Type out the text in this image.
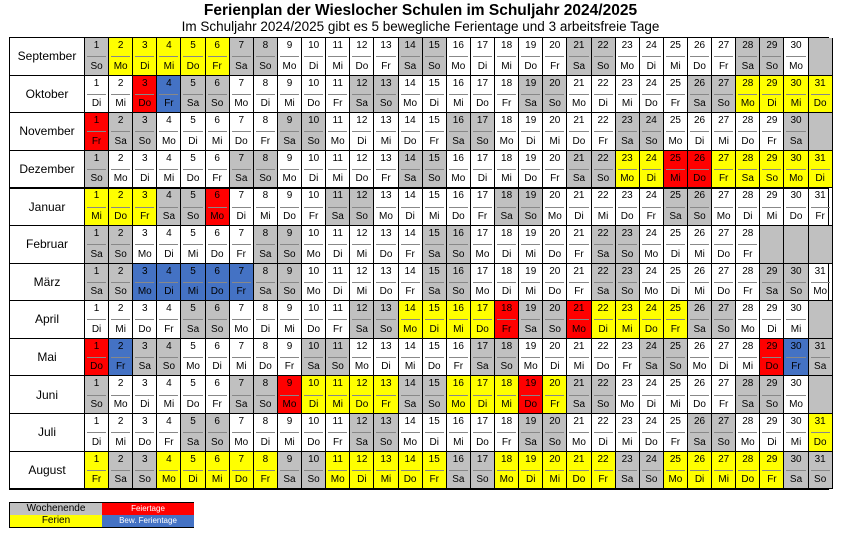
Ferienplan der Wieslocher Schulen im Schuljahr 2024/2025
Im Schuljahr 2024/2025 gibt es 5 bewegliche Ferientage und 3 arbeitsfreie Tage
September
1
So
2
Mo
3
Di
4
Mi
5
Do
6
Fr
7
Sa
8
So
9
Mo
10
Di
11
Mi
12
Do
13
Fr
14
Sa
15
So
16
Mo
17
Di
18
Mi
19
Do
20
Fr
21
Sa
22
So
23
Mo
24
Di
25
Mi
26
Do
27
Fr
28
Sa
29
So
30
Mo
Oktober
1
Di
2
Mi
3
Do
4
Fr
5
Sa
6
So
7
Mo
8
Di
9
Mi
10
Do
11
Fr
12
Sa
13
So
14
Mo
15
Di
16
Mi
17
Do
18
Fr
19
Sa
20
So
21
Mo
22
Di
23
Mi
24
Do
25
Fr
26
Sa
27
So
28
Mo
29
Di
30
Mi
31
Do
November
1
Fr
2
Sa
3
So
4
Mo
5
Di
6
Mi
7
Do
8
Fr
9
Sa
10
So
11
Mo
12
Di
13
Mi
14
Do
15
Fr
16
Sa
17
So
18
Mo
19
Di
20
Mi
21
Do
22
Fr
23
Sa
24
So
25
Mo
26
Di
27
Mi
28
Do
29
Fr
30
Sa
Dezember
1
So
2
Mo
3
Di
4
Mi
5
Do
6
Fr
7
Sa
8
So
9
Mo
10
Di
11
Mi
12
Do
13
Fr
14
Sa
15
So
16
Mo
17
Di
18
Mi
19
Do
20
Fr
21
Sa
22
So
23
Mo
24
Di
25
Mi
26
Do
27
Fr
28
Sa
29
So
30
Mo
31
Di
Januar
1
Mi
2
Do
3
Fr
4
Sa
5
So
6
Mo
7
Di
8
Mi
9
Do
10
Fr
11
Sa
12
So
13
Mo
14
Di
15
Mi
16
Do
17
Fr
18
Sa
19
So
20
Mo
21
Di
22
Mi
23
Do
24
Fr
25
Sa
26
So
27
Mo
28
Di
29
Mi
30
Do
31
Fr
Februar
1
Sa
2
So
3
Mo
4
Di
5
Mi
6
Do
7
Fr
8
Sa
9
So
10
Mo
11
Di
12
Mi
13
Do
14
Fr
15
Sa
16
So
17
Mo
18
Di
19
Mi
20
Do
21
Fr
22
Sa
23
So
24
Mo
25
Di
26
Mi
27
Do
28
Fr
März
1
Sa
2
So
3
Mo
4
Di
5
Mi
6
Do
7
Fr
8
Sa
9
So
10
Mo
11
Di
12
Mi
13
Do
14
Fr
15
Sa
16
So
17
Mo
18
Di
19
Mi
20
Do
21
Fr
22
Sa
23
So
24
Mo
25
Di
26
Mi
27
Do
28
Fr
29
Sa
30
So
31
Mo
April
1
Di
2
Mi
3
Do
4
Fr
5
Sa
6
So
7
Mo
8
Di
9
Mi
10
Do
11
Fr
12
Sa
13
So
14
Mo
15
Di
16
Mi
17
Do
18
Fr
19
Sa
20
So
21
Mo
22
Di
23
Mi
24
Do
25
Fr
26
Sa
27
So
28
Mo
29
Di
30
Mi
Mai
1
Do
2
Fr
3
Sa
4
So
5
Mo
6
Di
7
Mi
8
Do
9
Fr
10
Sa
11
So
12
Mo
13
Di
14
Mi
15
Do
16
Fr
17
Sa
18
So
19
Mo
20
Di
21
Mi
22
Do
23
Fr
24
Sa
25
So
26
Mo
27
Di
28
Mi
29
Do
30
Fr
31
Sa
Juni
1
So
2
Mo
3
Di
4
Mi
5
Do
6
Fr
7
Sa
8
So
9
Mo
10
Di
11
Mi
12
Do
13
Fr
14
Sa
15
So
16
Mo
17
Di
18
Mi
19
Do
20
Fr
21
Sa
22
So
23
Mo
24
Di
25
Mi
26
Do
27
Fr
28
Sa
29
So
30
Mo
Juli
1
Di
2
Mi
3
Do
4
Fr
5
Sa
6
So
7
Mo
8
Di
9
Mi
10
Do
11
Fr
12
Sa
13
So
14
Mo
15
Di
16
Mi
17
Do
18
Fr
19
Sa
20
So
21
Mo
22
Di
23
Mi
24
Do
25
Fr
26
Sa
27
So
28
Mo
29
Di
30
Mi
31
Do
August
1
Fr
2
Sa
3
So
4
Mo
5
Di
6
Mi
7
Do
8
Fr
9
Sa
10
So
11
Mo
12
Di
13
Mi
14
Do
15
Fr
16
Sa
17
So
18
Mo
19
Di
20
Mi
21
Do
22
Fr
23
Sa
24
So
25
Mo
26
Di
27
Mi
28
Do
29
Fr
30
Sa
31
So
Wochenende	Feiertage
Ferien	Bew. Ferientage
